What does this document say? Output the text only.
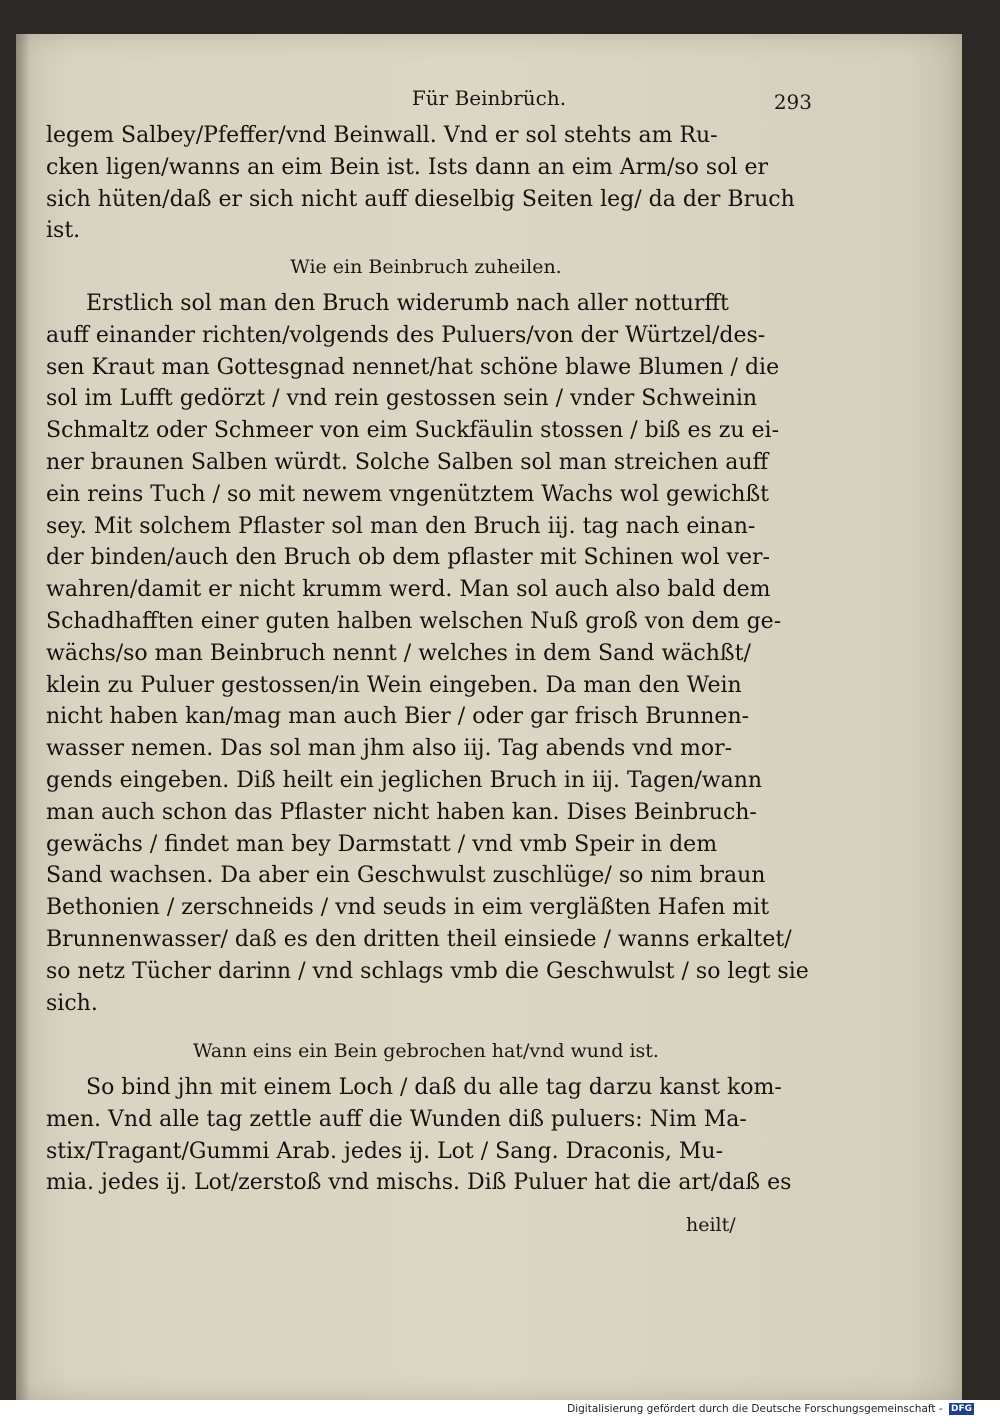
Für Beinbrüch.	293
legem Salbey/Pfeffer/vnd Beinwall. Vnd er sol stehts am Ru-
cken ligen/wanns an eim Bein ist. Ists dann an eim Arm/so sol er
sich hüten/daß er sich nicht auff dieselbig Seiten leg/ da der Bruch
ist.
Wie ein Beinbruch zuheilen.
Erstlich sol man den Bruch widerumb nach aller notturfft
auff einander richten/volgends des Puluers/von der Würtzel/des-
sen Kraut man Gottesgnad nennet/hat schöne blawe Blumen / die
sol im Lufft gedörzt / vnd rein gestossen sein / vnder Schweinin
Schmaltz oder Schmeer von eim Suckfäulin stossen / biß es zu ei-
ner braunen Salben würdt. Solche Salben sol man streichen auff
ein reins Tuch / so mit newem vngenütztem Wachs wol gewichßt
sey. Mit solchem Pflaster sol man den Bruch iij. tag nach einan-
der binden/auch den Bruch ob dem pflaster mit Schinen wol ver-
wahren/damit er nicht krumm werd. Man sol auch also bald dem
Schadhafften einer guten halben welschen Nuß groß von dem ge-
wächs/so man Beinbruch nennt / welches in dem Sand wächßt/
klein zu Puluer gestossen/in Wein eingeben. Da man den Wein
nicht haben kan/mag man auch Bier / oder gar frisch Brunnen-
wasser nemen. Das sol man jhm also iij. Tag abends vnd mor-
gends eingeben. Diß heilt ein jeglichen Bruch in iij. Tagen/wann
man auch schon das Pflaster nicht haben kan. Dises Beinbruch-
gewächs / findet man bey Darmstatt / vnd vmb Speir in dem
Sand wachsen. Da aber ein Geschwulst zuschlüge/ so nim braun
Bethonien / zerschneids / vnd seuds in eim vergläßten Hafen mit
Brunnenwasser/ daß es den dritten theil einsiede / wanns erkaltet/
so netz Tücher darinn / vnd schlags vmb die Geschwulst / so legt sie
sich.
Wann eins ein Bein gebrochen hat/vnd wund ist.
So bind jhn mit einem Loch / daß du alle tag darzu kanst kom-
men. Vnd alle tag zettle auff die Wunden diß puluers: Nim Ma-
stix/Tragant/Gummi Arab. jedes ij. Lot / Sang. Draconis, Mu-
mia. jedes ij. Lot/zerstoß vnd mischs. Diß Puluer hat die art/daß es
heilt/
Digitalisierung gefördert durch die Deutsche Forschungsgemeinschaft - DFG
